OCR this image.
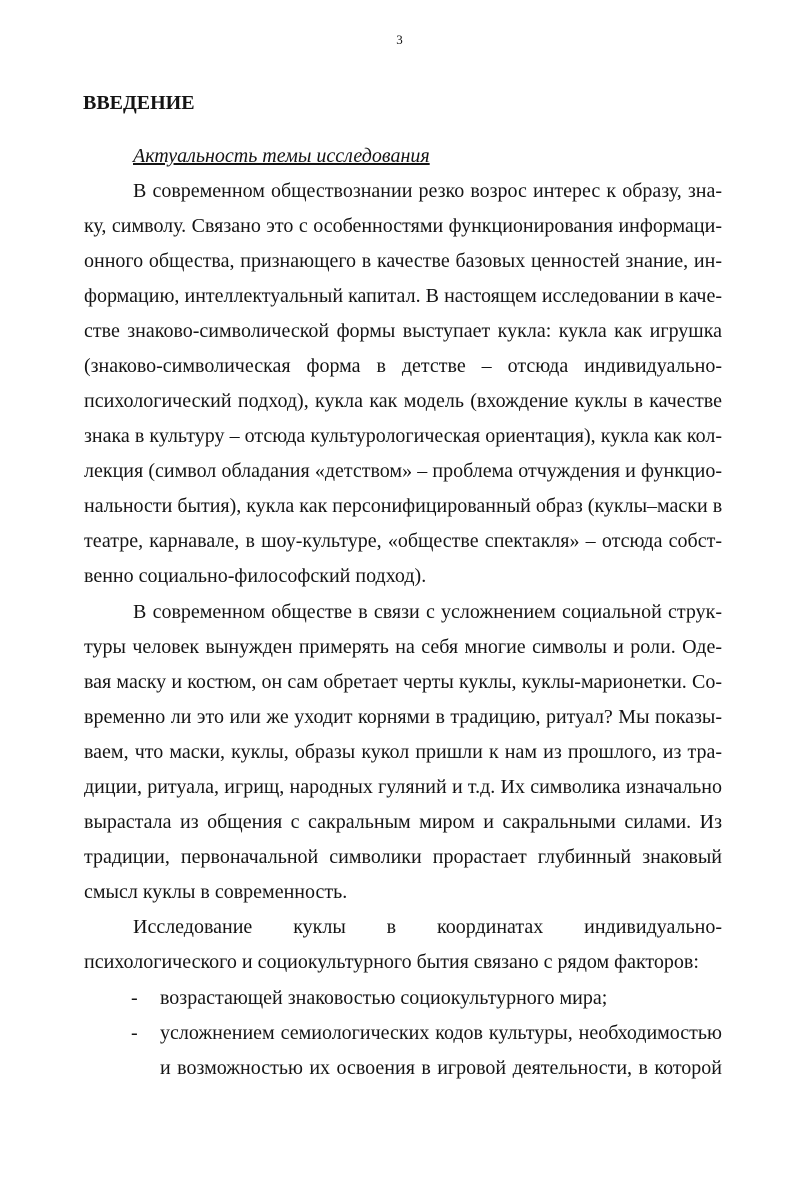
3
ВВЕДЕНИЕ
Актуальность темы исследования
В современном обществознании резко возрос интерес к образу, зна-
ку, символу. Связано это с особенностями функционирования информаци-
онного общества, признающего в качестве базовых ценностей знание, ин-
формацию, интеллектуальный капитал. В настоящем исследовании в каче-
стве знаково-символической формы выступает кукла: кукла как игрушка
(знаково-символическая форма в детстве – отсюда индивидуально-
психологический подход), кукла как модель (вхождение куклы в качестве
знака в культуру – отсюда культурологическая ориентация), кукла как кол-
лекция (символ обладания «детством» – проблема отчуждения и функцио-
нальности бытия), кукла как персонифицированный образ (куклы–маски в
театре, карнавале, в шоу-культуре, «обществе спектакля» – отсюда собст-
венно социально-философский подход).
В современном обществе в связи с усложнением социальной струк-
туры человек вынужден примерять на себя многие символы и роли. Оде-
вая маску и костюм, он сам обретает черты куклы, куклы-марионетки. Со-
временно ли это или же уходит корнями в традицию, ритуал? Мы показы-
ваем, что маски, куклы, образы кукол пришли к нам из прошлого, из тра-
диции, ритуала, игрищ, народных гуляний и т.д. Их символика изначально
вырастала из общения с сакральным миром и сакральными силами. Из
традиции, первоначальной символики прорастает глубинный знаковый
смысл куклы в современность.
Исследование куклы в координатах индивидуально-
психологического и социокультурного бытия связано с рядом факторов:
- возрастающей знаковостью социокультурного мира;
- усложнением семиологических кодов культуры, необходимостью
и возможностью их освоения в игровой деятельности, в которой
